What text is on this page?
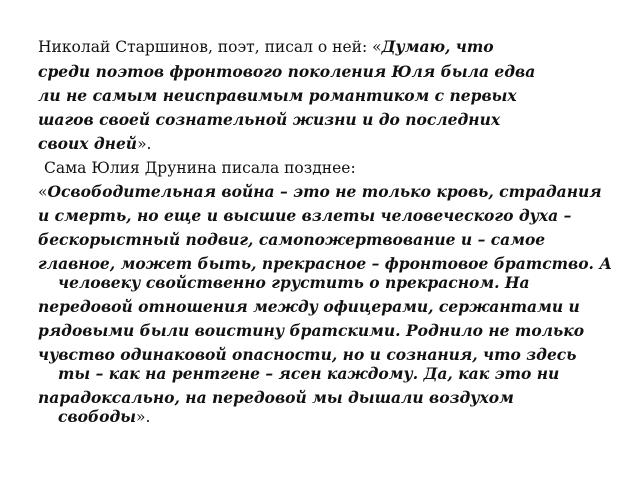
Николай Старшинов, поэт, писал о ней: «Думаю, что
среди поэтов фронтового поколения Юля была едва
ли не самым неисправимым романтиком с первых
шагов своей сознательной жизни и до последних
своих дней».
Сама Юлия Друнина писала позднее:
«Освободительная война – это не только кровь, страдания
и смерть, но еще и высшие взлеты человеческого духа –
бескорыстный подвиг, самопожертвование и – самое
главное, может быть, прекрасное – фронтовое братство. А
человеку свойственно грустить о прекрасном. На
передовой отношения между офицерами, сержантами и
рядовыми были воистину братскими. Роднило не только
чувство одинаковой опасности, но и сознания, что здесь
ты – как на рентгене – ясен каждому. Да, как это ни
парадоксально, на передовой мы дышали воздухом
свободы».
